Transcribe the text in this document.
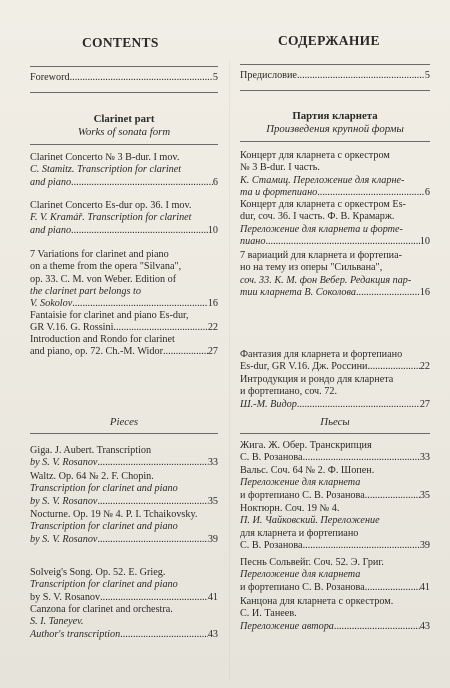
CONTENTS
Foreword .....	5
Clarinet part
Works of sonata form
Clarinet Concerto № 3 B-dur. I mov.
C. Stamitz. Transcription for clarinet
and piano .....	6
Clarinet Concerto Es-dur op. 36. I mov.
F. V. Kramář. Transcription for clarinet
and piano .....	10
7 Variations for clarinet and piano
on a theme from the opera "Silvana",
op. 33. C. M. von Weber. Edition of
the clarinet part belongs to
V. Sokolov .....	16
Fantaisie for clarinet and piano Es-dur,
GR V.16. G. Rossini .....	22
Introduction and Rondo for clarinet
and piano, op. 72. Ch.-M. Widor .....	27
Pieces
Giga. J. Aubert. Transcription
by S. V. Rosanov .....	33
Waltz. Op. 64 № 2. F. Chopin.
Transcription for clarinet and piano
by S. V. Rosanov .....	35
Nocturne. Op. 19 № 4. P. I. Tchaikovsky.
Transcription for clarinet and piano
by S. V. Rosanov .....	39
Solveig's Song. Op. 52. E. Grieg.
Transcription for clarinet and piano
by S. V. Rosanov .....	41
Canzona for clarinet and orchestra.
S. I. Taneyev.
Author's transcription .....	43
СОДЕРЖАНИЕ
Предисловие .....	5
Партия кларнета
Произведения крупной формы
Концерт для кларнета с оркестром
№ 3 B-dur. I часть.
К. Стамиц. Переложение для кларне-
та и фортепиано .....	6
Концерт для кларнета с оркестром Es-
dur, соч. 36. I часть. Ф. В. Крамарж.
Переложение для кларнета и форте-
пиано .....	10
7 вариаций для кларнета и фортепиа-
но на тему из оперы "Сильвана",
соч. 33. К. М. фон Вебер. Редакция пар-
тии кларнета В. Соколова .....	16
Фантазия для кларнета и фортепиано
Es-dur, GR V.16. Дж. Россини .....	22
Интродукция и рондо для кларнета
и фортепиано, соч. 72.
Ш.-М. Видор .....	27
Пьесы
Жига. Ж. Обер. Транскрипция
С. В. Розанова .....	33
Вальс. Соч. 64 № 2. Ф. Шопен.
Переложение для кларнета
и фортепиано С. В. Розанова .....	35
Ноктюрн. Соч. 19 № 4.
П. И. Чайковский. Переложение
для кларнета и фортепиано
С. В. Розанова .....	39
Песнь Сольвейг. Соч. 52. Э. Григ.
Переложение для кларнета
и фортепиано С. В. Розанова .....	41
Канцона для кларнета с оркестром.
С. И. Танеев.
Переложение автора .....	43
